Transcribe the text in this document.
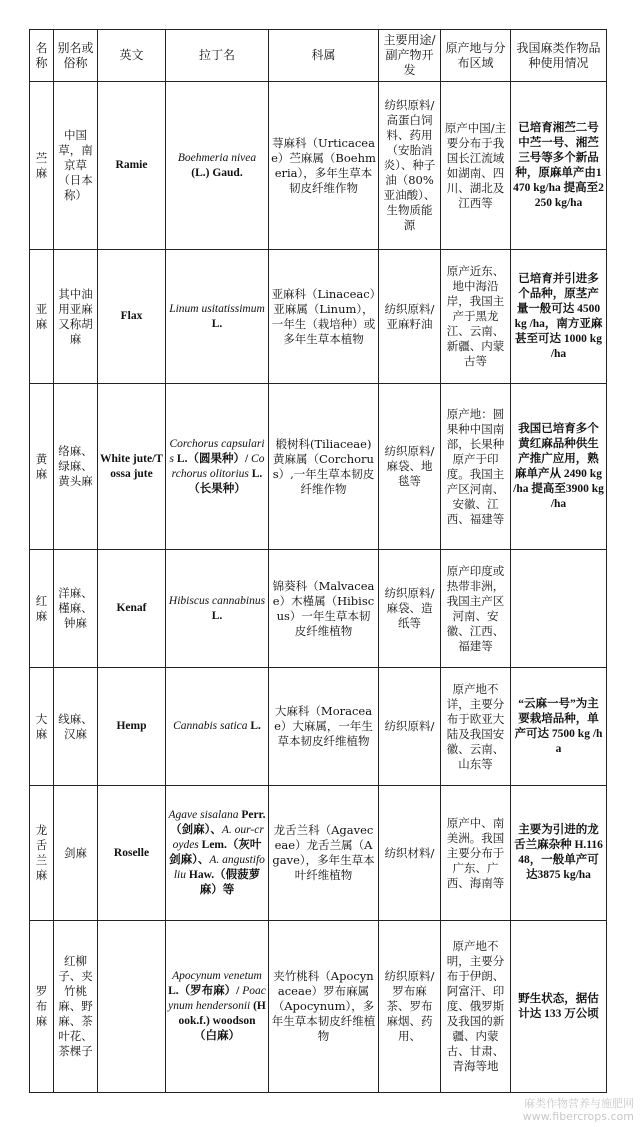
名称	别名或俗称	英文	拉丁名	科属	主要用途/副产物开发	原产地与分布区域	我国麻类作物品种使用情况
苎麻	中国草，南京草（日本称）	Ramie	Boehmeria nivea (L.) Gaud.	荨麻科（Urticaceae）苎麻属（Boehmeria），多年生草本韧皮纤维作物	纺织原料/高蛋白饲料、药用（安胎消炎）、种子油（80%亚油酸）、生物质能源	原产中国/主要分布于我国长江流域如湖南、四川、湖北及江西等	已培育湘苎二号中苎一号、湘苎三号等多个新品种，原麻单产由1470 kg/ha 提高至2250 kg/ha
亚麻	其中油用亚麻又称胡麻	Flax	Linum usitatissimum L.	亚麻科（Linaceac）亚麻属（Linum），一年生（栽培种）或多年生草本植物	纺织原料/亚麻籽油	原产近东、地中海沿岸，我国主产于黑龙江、云南、新疆、内蒙古等	已培育并引进多个品种，原茎产量一般可达 4500 kg /ha，南方亚麻甚至可达 1000 kg /ha
黄麻	络麻、绿麻、黄头麻	White jute/Tossa jute	Corchorus capsularis L.（圆果种）/ Corchorus olitorius L.（长果种）	椴树科(Tiliaceae) 黄麻属（Corchorus）,一年生草本韧皮纤维作物	纺织原料/麻袋、地毯等	原产地：圆果种中国南部，长果种原产于印度。我国主产区河南、安徽、江西、福建等	我国已培育多个黄红麻品种供生产推广应用，熟麻单产从 2490 kg /ha 提高至3900 kg /ha
红麻	洋麻、槿麻、钟麻	Kenaf	Hibiscus cannabinus L.	锦葵科（Malvaceae）木槿属（Hibiscus）一年生草本韧皮纤维植物	纺织原料/麻袋、造纸等	原产印度或热带非洲，我国主产区河南、安徽、江西、福建等	
大麻	线麻、汉麻	Hemp	Cannabis satica L.	大麻科（Moraceae）大麻属，一年生草本韧皮纤维植物	纺织原料/	原产地不详，主要分布于欧亚大陆及我国安徽、云南、山东等	“云麻一号”为主要栽培品种，单产可达 7500 kg /ha
龙舌兰麻	剑麻	Roselle	Agave sisalana Perr.（剑麻）、A. our-croydes Lem.（灰叶剑麻）、A. angustifoliu Haw.（假菠萝麻）等	龙舌兰科（Agaveceae）龙舌兰属（Agave），多年生草本叶纤维植物	纺织材料/	原产中、南美洲。我国主要分布于广东、广西、海南等	主要为引进的龙舌兰麻杂种 H.11648，一般单产可达3875 kg/ha
罗布麻	红柳子、夹竹桃麻、野麻、茶叶花、茶棵子		Apocynum venetum L.（罗布麻）/ Poacynum hendersonii (Hook.f.) woodson（白麻）	夹竹桃科（Apocynaceae）罗布麻属（Apocynum），多年生草本韧皮纤维植物	纺织原料/罗布麻茶、罗布麻烟、药用、	原产地不明，主要分布于伊朗、阿富汗、印度、俄罗斯及我国的新疆、内蒙古、甘肃、青海等地	野生状态，据估计达 133 万公顷
麻类作物营养与施肥网
www.fibercrops.com
